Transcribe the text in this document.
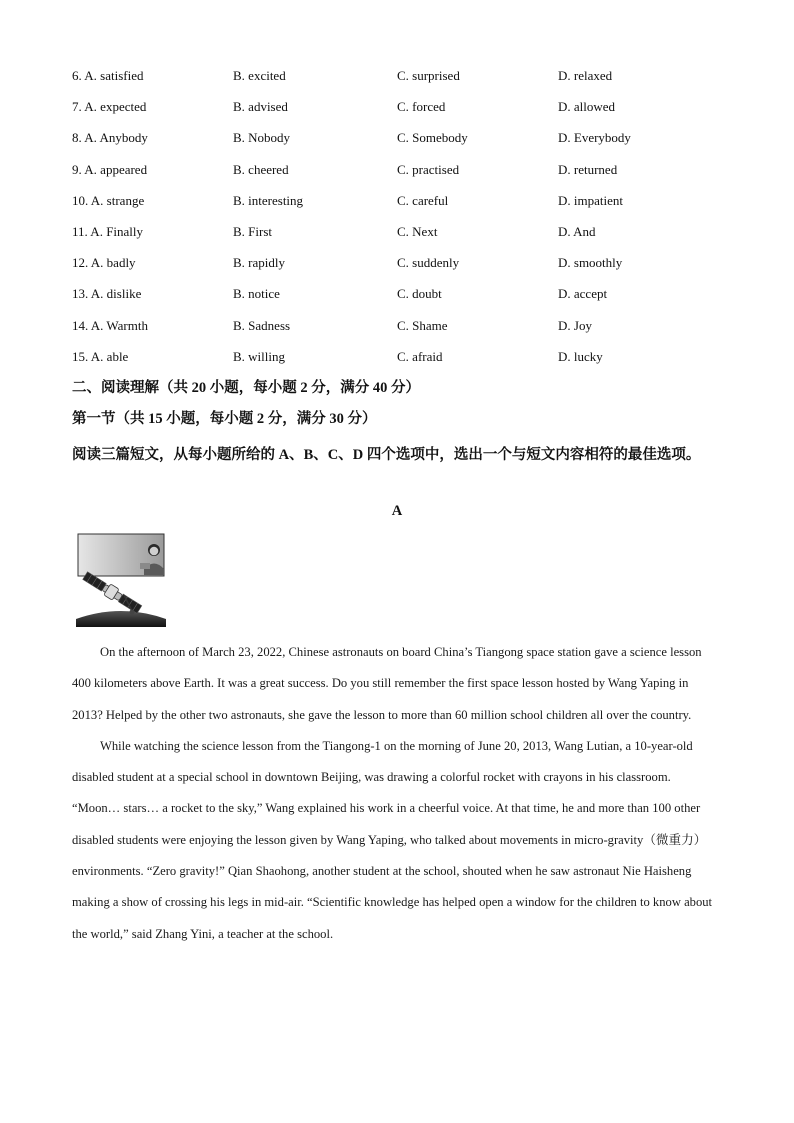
6. A. satisfied	B. excited	C. surprised	D. relaxed
7. A. expected	B. advised	C. forced	D. allowed
8. A. Anybody	B. Nobody	C. Somebody	D. Everybody
9. A. appeared	B. cheered	C. practised	D. returned
10. A. strange	B. interesting	C. careful	D. impatient
11. A. Finally	B. First	C. Next	D. And
12. A. badly	B. rapidly	C. suddenly	D. smoothly
13. A. dislike	B. notice	C. doubt	D. accept
14. A. Warmth	B. Sadness	C. Shame	D. Joy
15. A. able	B. willing	C. afraid	D. lucky
二、阅读理解（共 20 小题，每小题 2 分，满分 40 分）
第一节（共 15 小题，每小题 2 分，满分 30 分）
阅读三篇短文，从每小题所给的 A、B、C、D 四个选项中，选出一个与短文内容相符的最佳选项。
A

On the afternoon of March 23, 2022, Chinese astronauts on board China’s Tiangong space station gave a science lesson 400 kilometers above Earth. It was a great success. Do you still remember the first space lesson hosted by Wang Yaping in 2013? Helped by the other two astronauts, she gave the lesson to more than 60 million school children all over the country.

While watching the science lesson from the Tiangong-1 on the morning of June 20, 2013, Wang Lutian, a 10-year-old disabled student at a special school in downtown Beijing, was drawing a colorful rocket with crayons in his classroom. “Moon… stars… a rocket to the sky,” Wang explained his work in a cheerful voice. At that time, he and more than 100 other disabled students were enjoying the lesson given by Wang Yaping, who talked about movements in micro-gravity（微重力）environments. “Zero gravity!” Qian Shaohong, another student at the school, shouted when he saw astronaut Nie Haisheng making a show of crossing his legs in mid-air. “Scientific knowledge has helped open a window for the children to know about the world,” said Zhang Yini, a teacher at the school.
